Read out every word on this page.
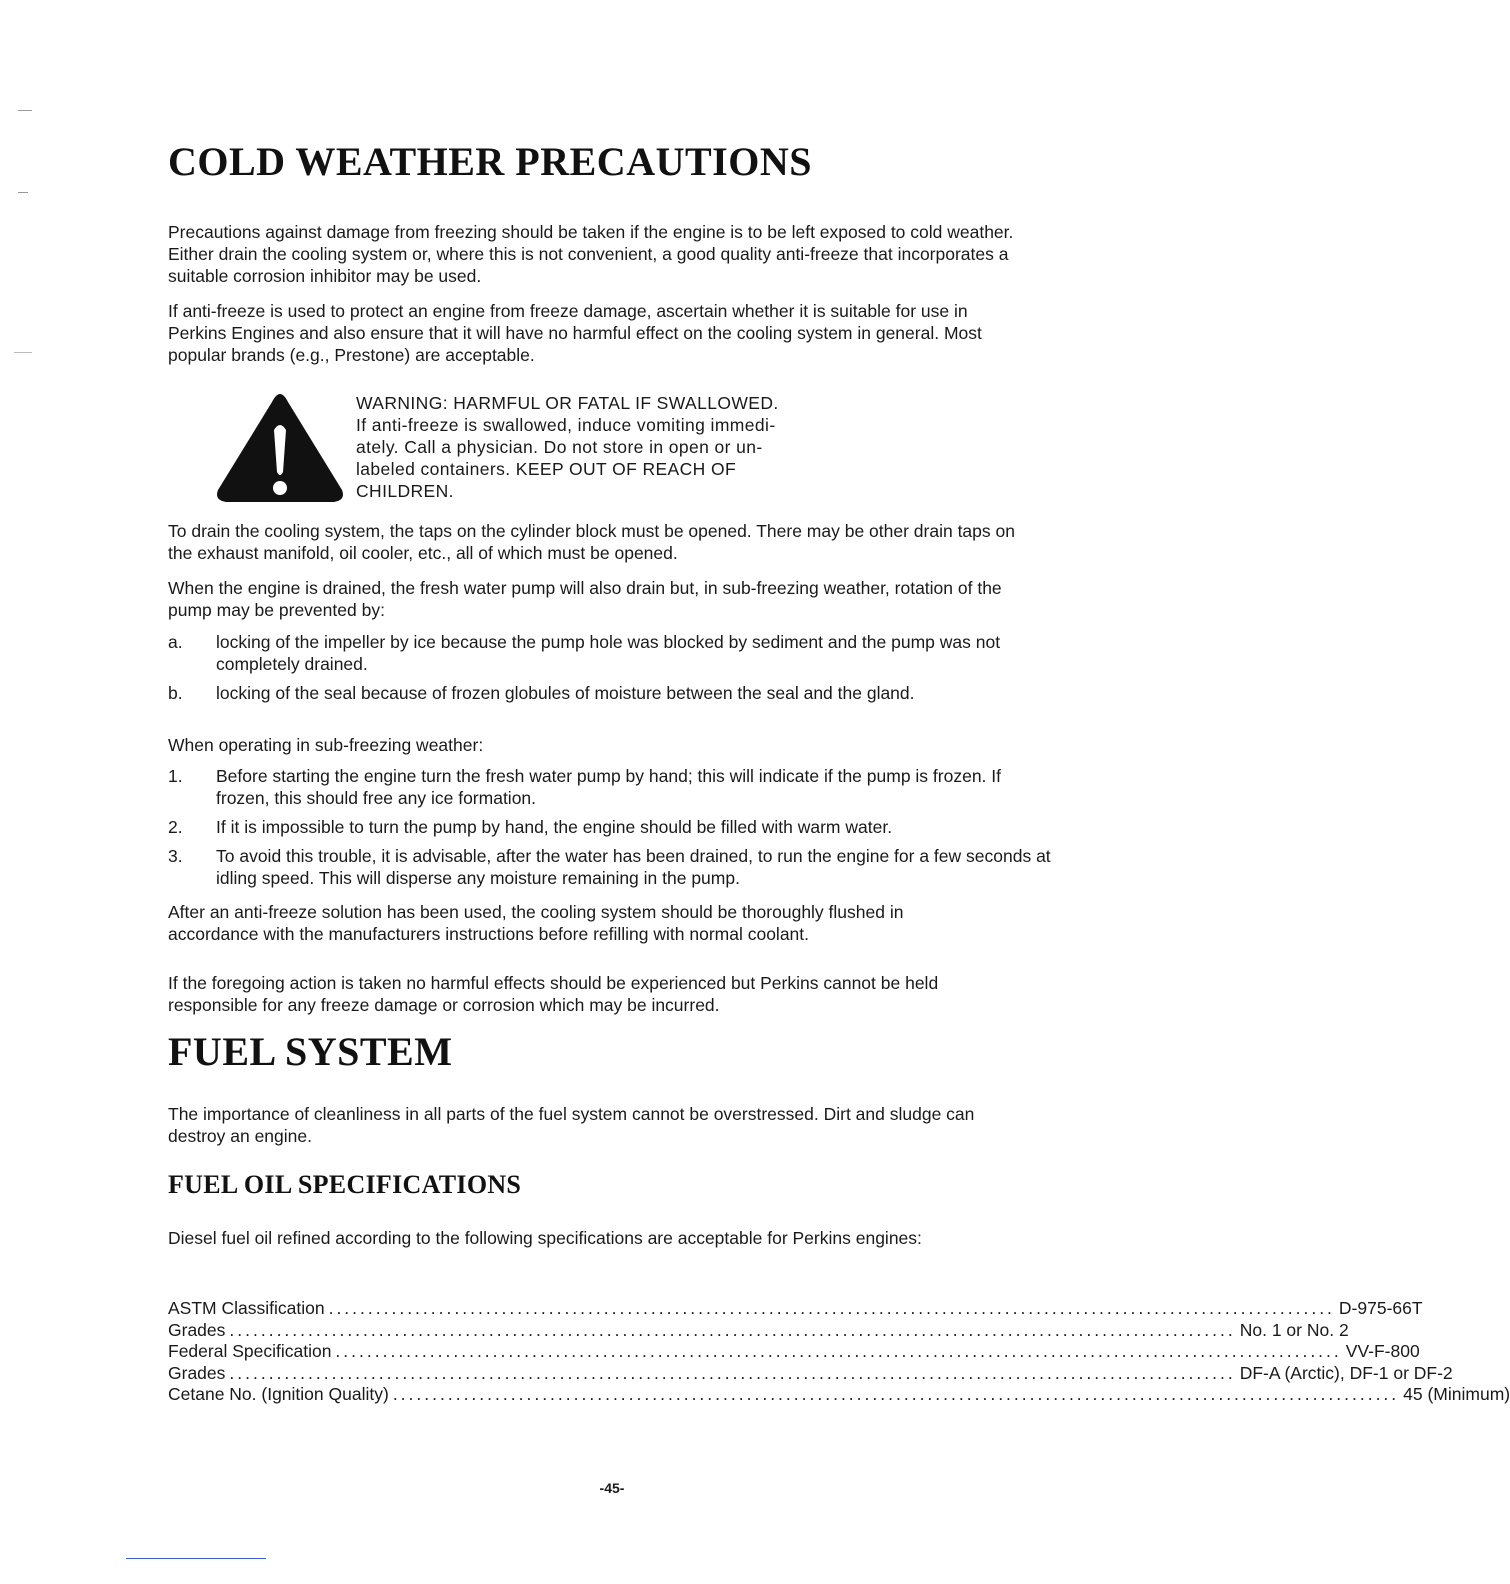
COLD WEATHER PRECAUTIONS

Precautions against damage from freezing should be taken if the engine is to be left exposed to cold weather. Either drain the cooling system or, where this is not convenient, a good quality anti-freeze that incorporates a suitable corrosion inhibitor may be used.

If anti-freeze is used to protect an engine from freeze damage, ascertain whether it is suitable for use in Perkins Engines and also ensure that it will have no harmful effect on the cooling system in general. Most popular brands (e.g., Prestone) are acceptable.

WARNING: HARMFUL OR FATAL IF SWALLOWED.
If anti-freeze is swallowed, induce vomiting immedi-
ately. Call a physician. Do not store in open or un-
labeled containers. KEEP OUT OF REACH OF
CHILDREN.

To drain the cooling system, the taps on the cylinder block must be opened. There may be other drain taps on the exhaust manifold, oil cooler, etc., all of which must be opened.

When the engine is drained, the fresh water pump will also drain but, in sub-freezing weather, rotation of the pump may be prevented by:

a. locking of the impeller by ice because the pump hole was blocked by sediment and the pump was not completely drained.
b. locking of the seal because of frozen globules of moisture between the seal and the gland.

When operating in sub-freezing weather:

1. Before starting the engine turn the fresh water pump by hand; this will indicate if the pump is frozen. If frozen, this should free any ice formation.
2. If it is impossible to turn the pump by hand, the engine should be filled with warm water.
3. To avoid this trouble, it is advisable, after the water has been drained, to run the engine for a few seconds at idling speed. This will disperse any moisture remaining in the pump.

After an anti-freeze solution has been used, the cooling system should be thoroughly flushed in accordance with the manufacturers instructions before refilling with normal coolant.

If the foregoing action is taken no harmful effects should be experienced but Perkins cannot be held responsible for any freeze damage or corrosion which may be incurred.

FUEL SYSTEM

The importance of cleanliness in all parts of the fuel system cannot be overstressed. Dirt and sludge can destroy an engine.

FUEL OIL SPECIFICATIONS

Diesel fuel oil refined according to the following specifications are acceptable for Perkins engines:

ASTM Classification ................................................................................................................................ D-975-66T
Grades ................................................................................................................................ No. 1 or No. 2
Federal Specification ................................................................................................................................ VV-F-800
Grades ................................................................................................................................ DF-A (Arctic), DF-1 or DF-2
Cetane No. (Ignition Quality) ................................................................................................................................ 45 (Minimum)
-45-
